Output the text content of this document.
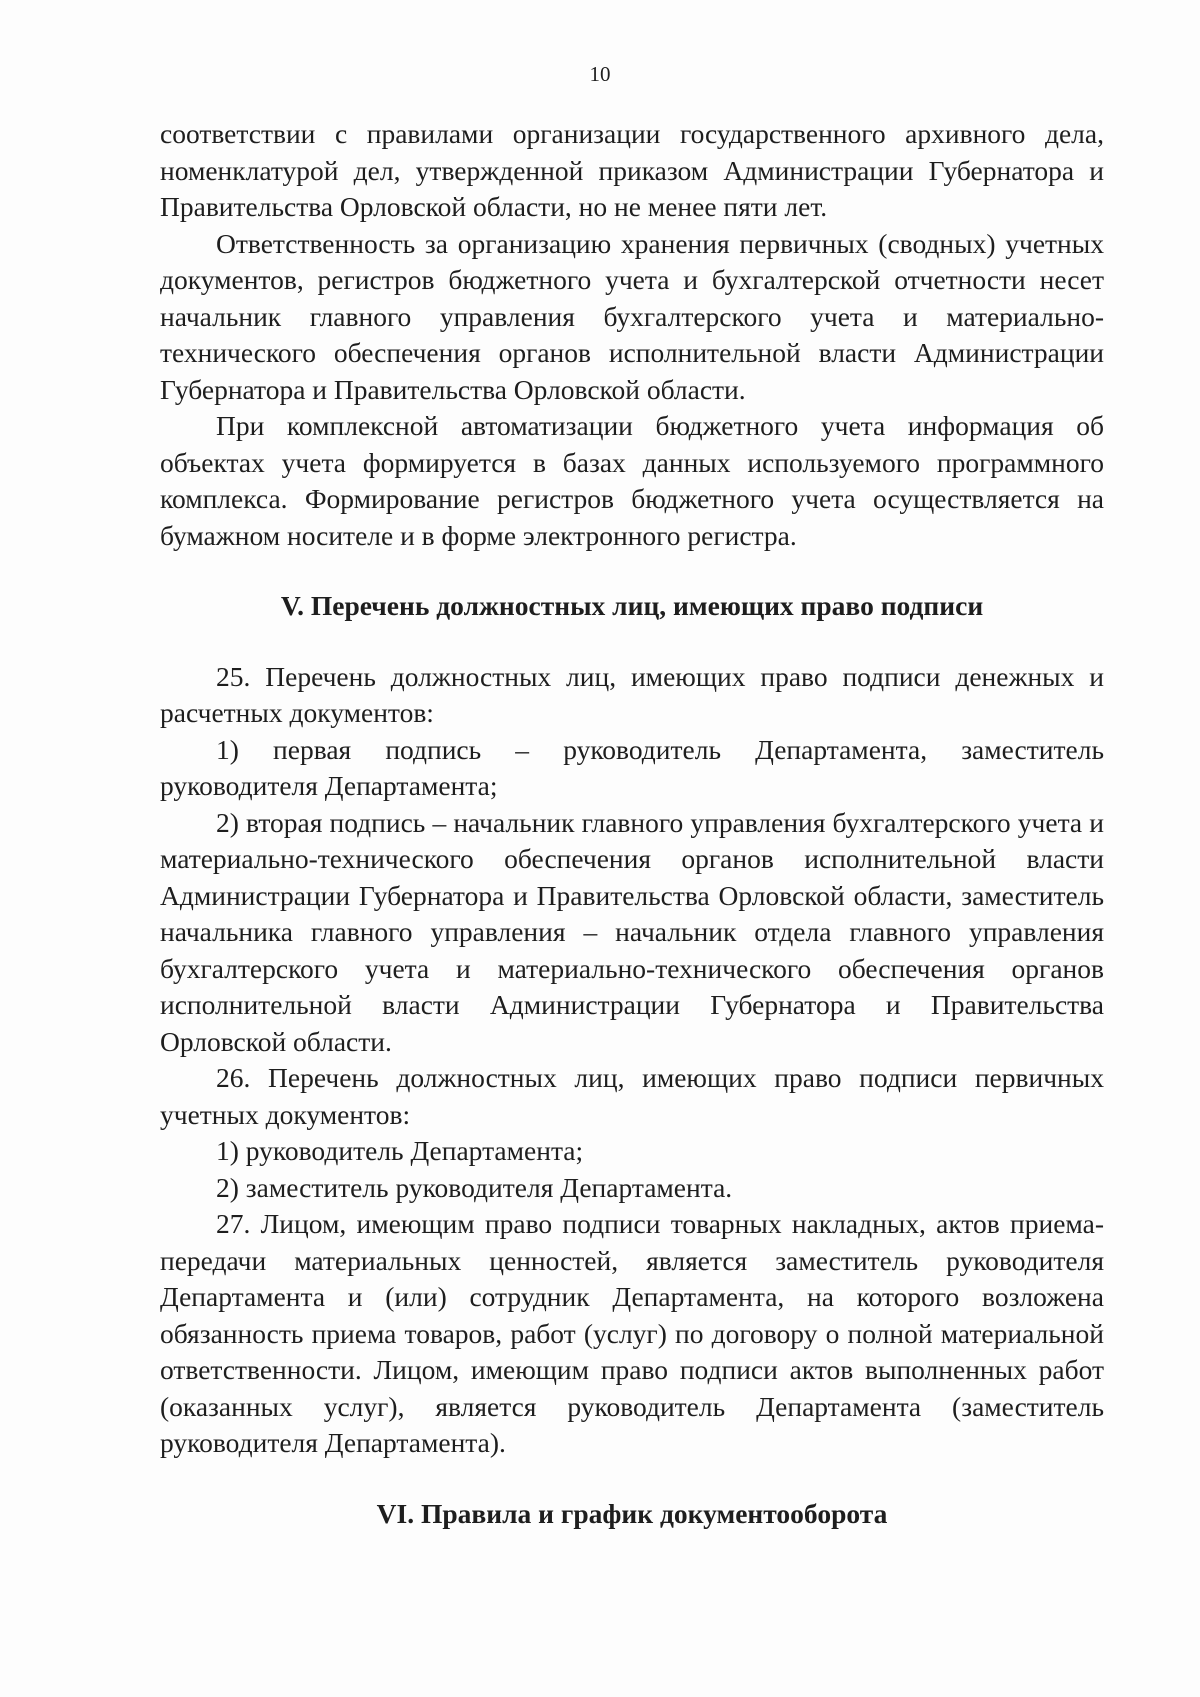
10

соответствии с правилами организации государственного архивного дела, номенклатурой дел, утвержденной приказом Администрации Губернатора и Правительства Орловской области, но не менее пяти лет.

Ответственность за организацию хранения первичных (сводных) учетных документов, регистров бюджетного учета и бухгалтерской отчетности несет начальник главного управления бухгалтерского учета и материально-технического обеспечения органов исполнительной власти Администрации Губернатора и Правительства Орловской области.

При комплексной автоматизации бюджетного учета информация об объектах учета формируется в базах данных используемого программного комплекса. Формирование регистров бюджетного учета осуществляется на бумажном носителе и в форме электронного регистра.

V. Перечень должностных лиц, имеющих право подписи

25. Перечень должностных лиц, имеющих право подписи денежных и расчетных документов:

1) первая подпись – руководитель Департамента, заместитель руководителя Департамента;

2) вторая подпись – начальник главного управления бухгалтерского учета и материально-технического обеспечения органов исполнительной власти Администрации Губернатора и Правительства Орловской области, заместитель начальника главного управления – начальник отдела главного управления бухгалтерского учета и материально-технического обеспечения органов исполнительной власти Администрации Губернатора и Правительства Орловской области.

26. Перечень должностных лиц, имеющих право подписи первичных учетных документов:

1) руководитель Департамента;

2) заместитель руководителя Департамента.

27. Лицом, имеющим право подписи товарных накладных, актов приема-передачи материальных ценностей, является заместитель руководителя Департамента и (или) сотрудник Департамента, на которого возложена обязанность приема товаров, работ (услуг) по договору о полной материальной ответственности. Лицом, имеющим право подписи актов выполненных работ (оказанных услуг), является руководитель Департамента (заместитель руководителя Департамента).

VI. Правила и график документооборота
